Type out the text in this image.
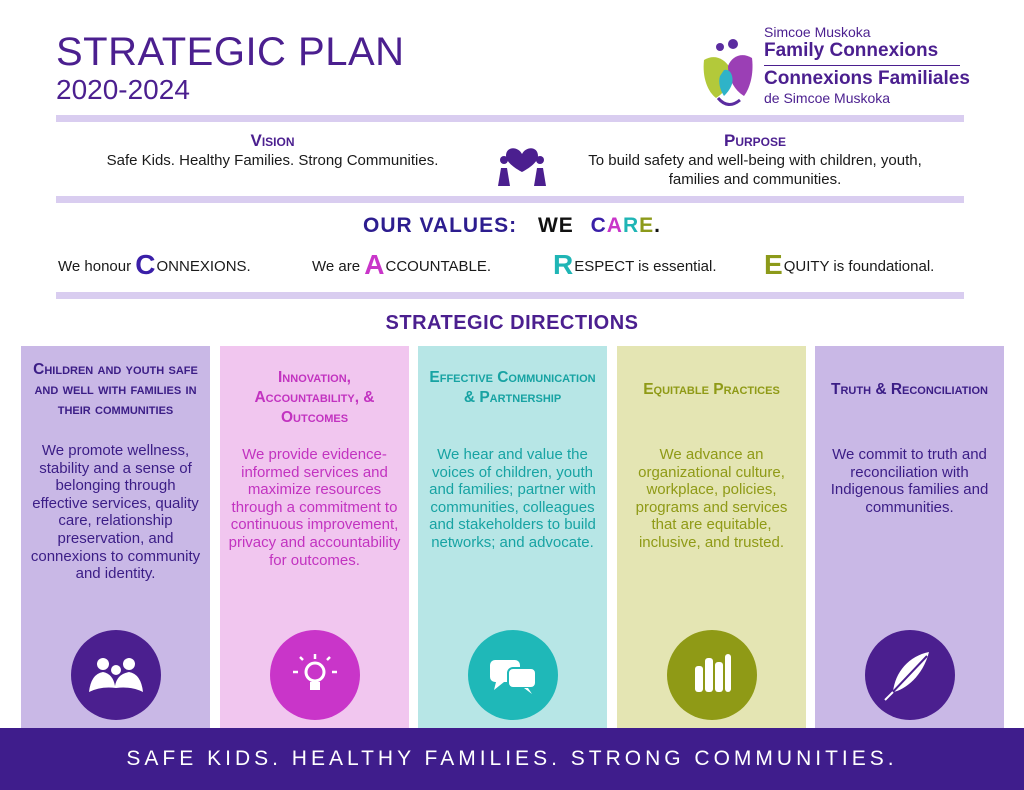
STRATEGIC PLAN
2020-2024
Simcoe Muskoka
Family Connexions
Connexions Familiales
de Simcoe Muskoka
Vision
Safe Kids. Healthy Families. Strong Communities.
Purpose
To build safety and well-being with children, youth, families and communities.
OUR VALUES: WE CARE.
We honour CONNEXIONS.	We are ACCOUNTABLE. RESPECT is essential. EQUITY is foundational.
STRATEGIC DIRECTIONS
Children and youth safe and well with families in their communities
We promote wellness, stability and a sense of belonging through effective services, quality care, relationship preservation, and connexions to community and identity.
Innovation, Accountability, & Outcomes
We provide evidence-informed services and maximize resources through a commitment to continuous improvement, privacy and accountability for outcomes.
Effective Communication & Partnership
We hear and value the voices of children, youth and families; partner with communities, colleagues and stakeholders to build networks; and advocate.
Equitable Practices
We advance an organizational culture, workplace, policies, programs and services that are equitable, inclusive, and trusted.
Truth & Reconciliation
We commit to truth and reconciliation with Indigenous families and communities.
SAFE KIDS. HEALTHY FAMILIES. STRONG COMMUNITIES.
